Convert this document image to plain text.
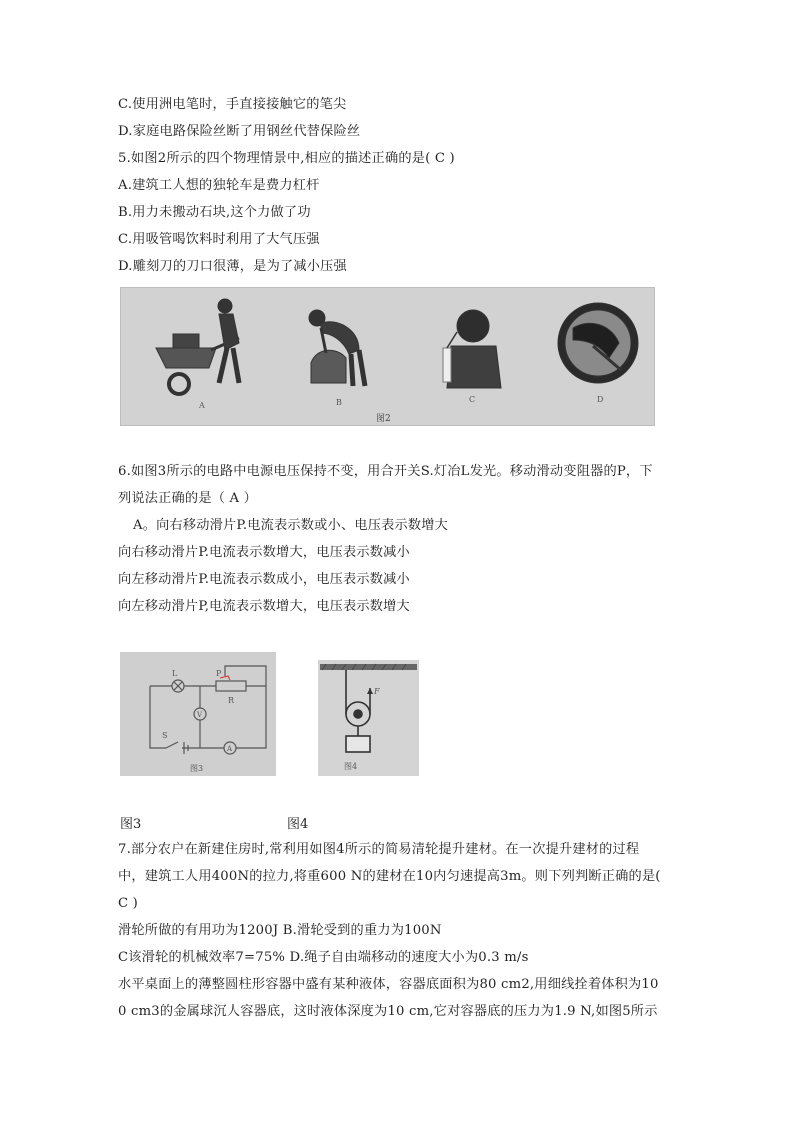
C.使用洲电笔时，手直接接触它的笔尖
D.家庭电路保险丝断了用钢丝代替保险丝
5.如图2所示的四个物理情景中,相应的描述正确的是( C )
A.建筑工人想的独轮车是费力杠杆
B.用力未搬动石块,这个力做了功
C.用吸管喝饮料时利用了大气压强
D.雕刻刀的刀口很薄，是为了减小压强
A	B	C	D
图2
6.如图3所示的电路中电源电压保持不变，用合开关S.灯冶L发光。移动滑动变阻器的P，下
列说法正确的是（ A ）
A。向右移动滑片P.电流表示数或小、电压表示数增大
向右移动滑片P.电流表示数增大，电压表示数减小
向左移动滑片P.电流表示数成小，电压表示数减小
向左移动滑片P,电流表示数增大，电压表示数增大
L	P
R
V
A
S
图3
F
图4
图3	图4
7.部分农户在新建住房时,常利用如图4所示的简易清轮提升建材。在一次提升建材的过程
中，建筑工人用400N的拉力,将重600 N的建材在10内匀速提高3m。则下列判断正确的是(
C )
滑轮所做的有用功为1200J B.滑轮受到的重力为100N
C该滑轮的机械效率7=75% D.绳子自由端移动的速度大小为0.3 m/s
水平桌面上的薄整圆柱形容器中盛有某种液体，容器底面积为80 cm2,用细线拴着体积为10
0 cm3的金属球沉人容器底，这时液体深度为10 cm,它对容器底的压力为1.9 N,如图5所示
